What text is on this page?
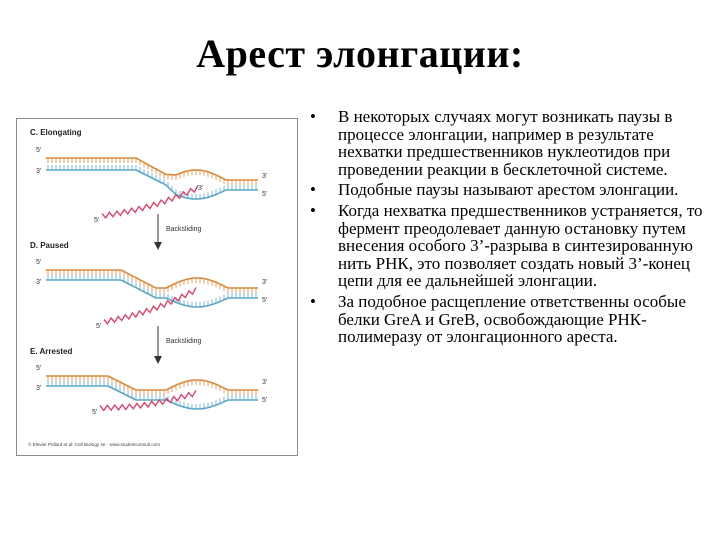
Арест элонгации:
C. Elongating
5'
3'
3'
5'
3'
5'
Backsliding
D. Paused
5'
3'	3'
5'
5'
Backsliding
E. Arrested
5'
3'
3'
5'
5'
© Elevier Pollard et al: Cell Biology 2e · www.studentconsult.com
• В некоторых случаях могут возникать паузы в процессе элонгации, например в результате нехватки предшественников нуклеотидов при проведении реакции в бесклеточной системе.
• Подобные паузы называют арестом элонгации.
• Когда нехватка предшественников устраняется, то фермент преодолевает данную остановку путем внесения особого 3’-разрыва в синтезированную нить РНК, это позволяет создать новый 3’-конец цепи для ее дальнейшей элонгации.
• За подобное расщепление ответственны особые белки GreA и GreB, освобождающие РНК-полимеразу от элонгационного ареста.
